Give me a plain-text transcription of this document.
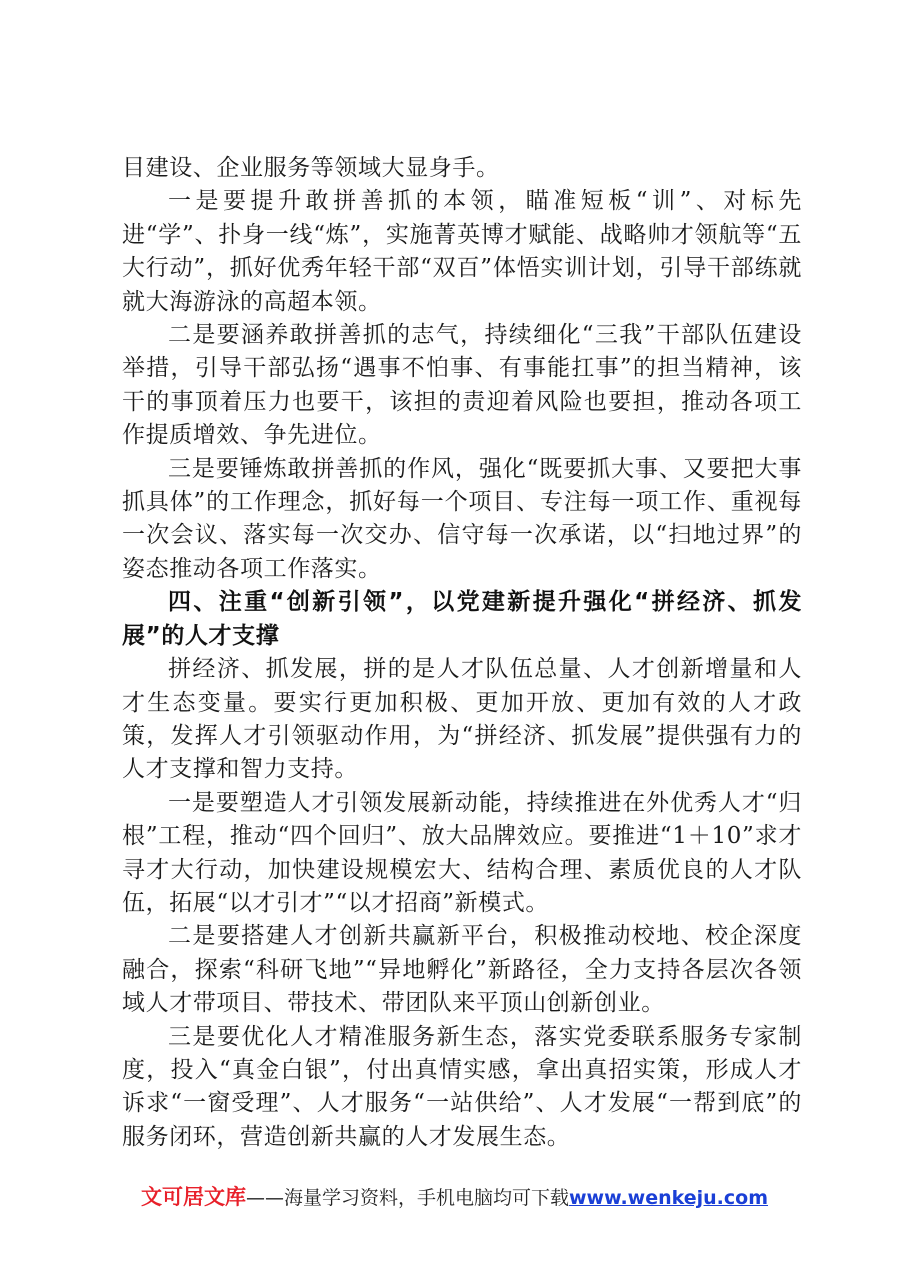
目建设、企业服务等领域大显身手。

一是要提升敢拼善抓的本领，瞄准短板“训”、对标先进“学”、扑身一线“炼”，实施菁英博才赋能、战略帅才领航等“五大行动”，抓好优秀年轻干部“双百”体悟实训计划，引导干部练就就大海游泳的高超本领。

二是要涵养敢拼善抓的志气，持续细化“三我”干部队伍建设举措，引导干部弘扬“遇事不怕事、有事能扛事”的担当精神，该干的事顶着压力也要干，该担的责迎着风险也要担，推动各项工作提质增效、争先进位。

三是要锤炼敢拼善抓的作风，强化“既要抓大事、又要把大事抓具体”的工作理念，抓好每一个项目、专注每一项工作、重视每一次会议、落实每一次交办、信守每一次承诺，以“扫地过界”的姿态推动各项工作落实。

四、注重“创新引领”，以党建新提升强化“拼经济、抓发展”的人才支撑

拼经济、抓发展，拼的是人才队伍总量、人才创新增量和人才生态变量。要实行更加积极、更加开放、更加有效的人才政策，发挥人才引领驱动作用，为“拼经济、抓发展”提供强有力的人才支撑和智力支持。

一是要塑造人才引领发展新动能，持续推进在外优秀人才“归根”工程，推动“四个回归”、放大品牌效应。要推进“1＋10”求才寻才大行动，加快建设规模宏大、结构合理、素质优良的人才队伍，拓展“以才引才”“以才招商”新模式。

二是要搭建人才创新共赢新平台，积极推动校地、校企深度融合，探索“科研飞地”“异地孵化”新路径，全力支持各层次各领域人才带项目、带技术、带团队来平顶山创新创业。

三是要优化人才精准服务新生态，落实党委联系服务专家制度，投入“真金白银”，付出真情实感，拿出真招实策，形成人才诉求“一窗受理”、人才服务“一站供给”、人才发展“一帮到底”的服务闭环，营造创新共赢的人才发展生态。

文可居文库——海量学习资料，手机电脑均可下载www.wenkeju.com
